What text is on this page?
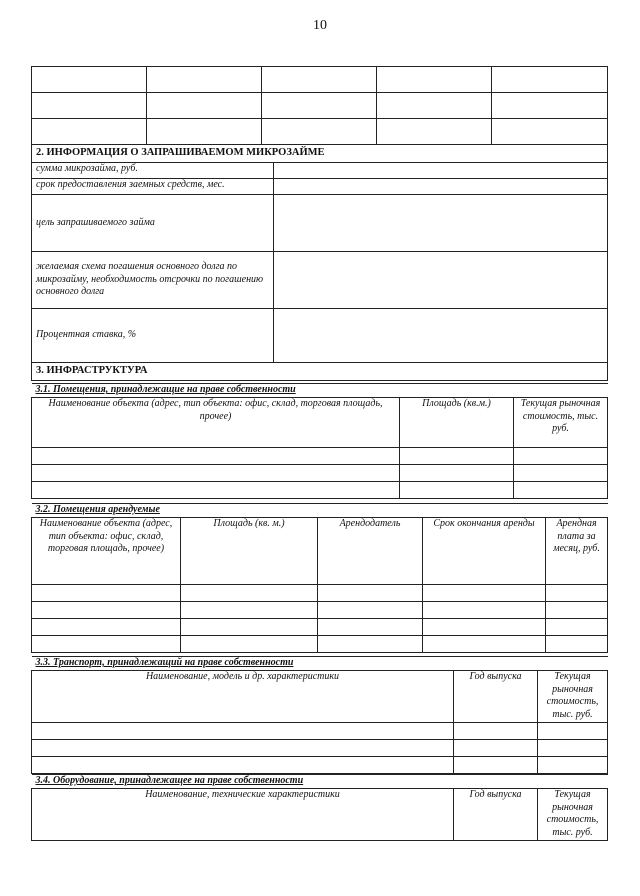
10

2. ИНФОРМАЦИЯ О ЗАПРАШИВАЕМОМ МИКРОЗАЙМЕ	
сумма микрозайма, руб.	
срок предоставления заемных средств, мес.	
цель запрашиваемого займа	
желаемая схема погашения основного долга по микрозайму, необходимость отсрочки по погашению основного долга	
Процентная ставка, %	
3. ИНФРАСТРУКТУРА
3.1. Помещения, принадлежащие на праве собственности		
Наименование объекта (адрес, тип объекта: офис, склад, торговая площадь, прочее)	Площадь (кв.м.)	Текущая рыночная стоимость, тыс. руб.

3.2. Помещения арендуемые				
Наименование объекта (адрес, тип объекта: офис, склад, торговая площадь, прочее)	Площадь (кв. м.)	Арендодатель	Срок окончания аренды	Арендная плата за месяц, руб.

3.3. Транспорт, принадлежащий на праве собственности		
Наименование, модель и др. характеристики	Год выпуска	Текущая рыночная стоимость, тыс. руб.

3.4. Оборудование, принадлежащее на праве собственности
Наименование, технические характеристики	Год выпуска	Текущая рыночная стоимость, тыс. руб.
